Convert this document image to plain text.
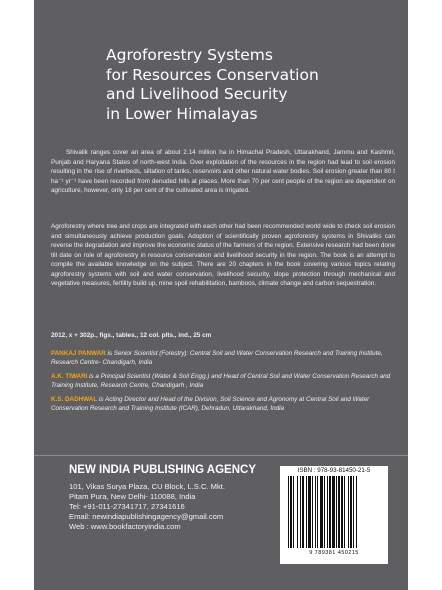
Agroforestry Systems
for Resources Conservation
and Livelihood Security
in Lower Himalayas
Shivalik ranges cover an area of about 2.14 million ha in Himachal Pradesh, Uttarakhand, Jammu and Kashmir, Punjab and Haryana States of north-west India. Over exploitation of the resources in the region had lead to soil erosion resulting in the rise of riverbeds, siltation of tanks, reservoirs and other natural water bodies. Soil erosion greater than 80 t ha⁻¹ yr⁻¹ have been recorded from denuded hills at places. More than 70 per cent people of the region are dependent on agriculture, however, only 18 per cent of the cultivated area is irrigated.
Agroforestry where tree and crops are integrated with each other had been recommended world wide to check soil erosion and simultaneously achieve production goals. Adoption of scientifically proven agroforestry systems in Shivaliks can reverse the degradation and improve the economic status of the farmers of the region. Extensive research had been done till date on role of agroforestry in resource conservation and livelihood security in the region. The book is an attempt to compile the available knowledge on the subject. There are 20 chapters in the book covering various topics relating agroforestry systems with soil and water conservation, livelihood security, slope protection through mechanical and vegetative measures, fertility build up, mine spoil rehabilitation, bamboos, climate change and carbon sequestration.
2012, x + 302p., figs., tables., 12 col. plts., ind., 25 cm
PANKAJ PANWAR is Senior Scientist (Forestry): Central Soil and Water Conservation Research and Training Institute, Research Centre- Chandigarh, India
A.K. TIWARI is a Principal Scientist (Water & Soil Engg.) and Head of Central Soil and Water Conservation Research and Training Institute, Research Centre, Chandigarh , India
K.S. DADHWAL is Acting Director and Head of the Division, Soil Science and Agronomy at Central Soil and Water Conservation Research and Training Institute (ICAR), Dehradun, Uttarakhand, India
NEW INDIA PUBLISHING AGENCY
101, Vikas Surya Plaza, CU Block, L.S.C. Mkt.
Pitam Pura, New Delhi- 110088, India
Tel: +91-011-27341717, 27341616
Email: newindiapublishingagency@gmail.com
Web : www.bookfactoryindia.com
ISBN : 978-93-81450-21-5
9 789381 450215
